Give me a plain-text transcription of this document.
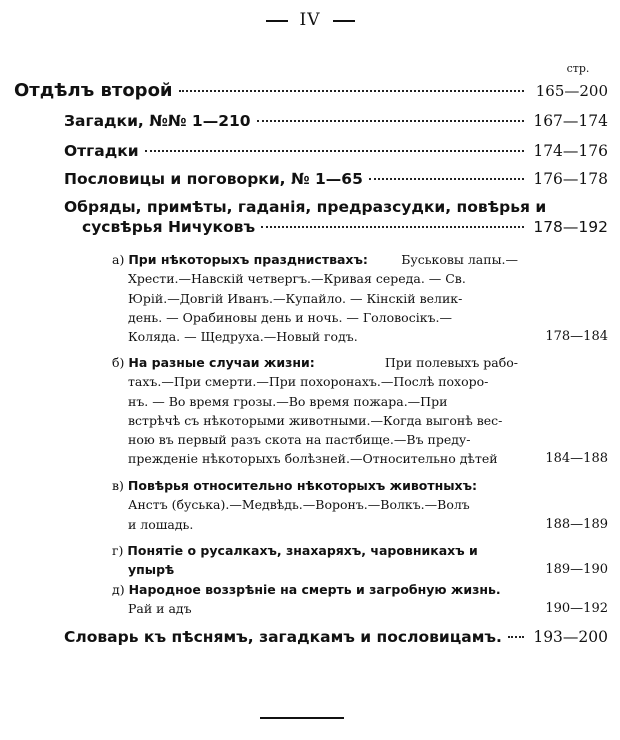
IV
стр.
Отдѣлъ второй	165—200
Загадки, №№ 1—210	167—174
Отгадки	174—176
Пословицы и поговорки, № 1—65	176—178
Обряды, примѣты, гаданія, предразсудки, повѣрья и
сусвѣрья Ничуковъ	178—192
а) При нѣкоторыхъ праздниствахъ:	Буськовы лапы.—
Хрести.—Навскій четвергъ.—Кривая середа. — Св.
Юрій.—Довгій Иванъ.—Купайло. — Кінскій велик-
день. — Орабиновы день и ночь. — Головосікъ.—
Коляда. — Щедруха.—Новый годъ.	178—184
б) На разные случаи жизни:	При полевыхъ рабо-
тахъ.—При смерти.—При похоронахъ.—Послѣ похоро-
нъ. — Во время грозы.—Во время пожара.—При
встрѣчѣ съ нѣкоторыми животными.—Когда выгонѣ вес-
ною въ первый разъ скота на пастбище.—Въ преду-
прежденіе нѣкоторыхъ болѣзней.—Относительно дѣтей	184—188
в) Повѣрья относительно нѣкоторыхъ животныхъ:
Анстъ (буська).—Медвѣдь.—Воронъ.—Волкъ.—Волъ
и лошадь.	188—189
г) Понятіе о русалкахъ, знахаряхъ, чаровникахъ и
упырѣ	189—190
д) Народное воззрѣніе на смерть и загробную жизнь.
Рай и адъ	190—192
Словарь къ пѣснямъ, загадкамъ и пословицамъ. 193—200
